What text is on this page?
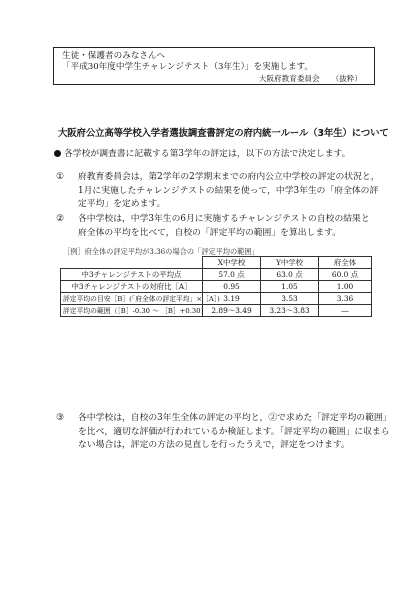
生徒・保護者のみなさんへ
「平成30年度中学生チャレンジテスト（3年生）」を実施します。
大阪府教育委員会 （抜粋）
大阪府公立高等学校入学者選抜調査書評定の府内統一ルール（3年生）について
各学校が調査書に記載する第3学年の評定は，以下の方法で決定します。
① 府教育委員会は，第2学年の2学期末までの府内公立中学校の評定の状況と，
1月に実施したチャレンジテストの結果を使って，中学3年生の「府全体の評
定平均」を定めます。
② 各中学校は，中学3年生の6月に実施するチャレンジテストの自校の結果と
府全体の平均を比べて，自校の「評定平均の範囲」を算出します。
［例］府全体の評定平均が3.36の場合の「評定平均の範囲」
	X中学校	Y中学校	府全体
中3チャレンジテストの平均点	57.0 点	63.0 点	60.0 点
中3チャレンジテストの対府比［A］	0.95	1.05	1.00
評定平均の目安［B］(「府全体の評定平均」×［A］)	3.19	3.53	3.36
評定平均の範囲（［B］-0.30 ～ ［B］+0.30）	2.89～3.49	3.23～3.83	―
③ 各中学校は，自校の3年生全体の評定の平均と，②で求めた「評定平均の範囲」
を比べ，適切な評価が行われているか検証します。「評定平均の範囲」に収まら
ない場合は，評定の方法の見直しを行ったうえで，評定をつけます。
